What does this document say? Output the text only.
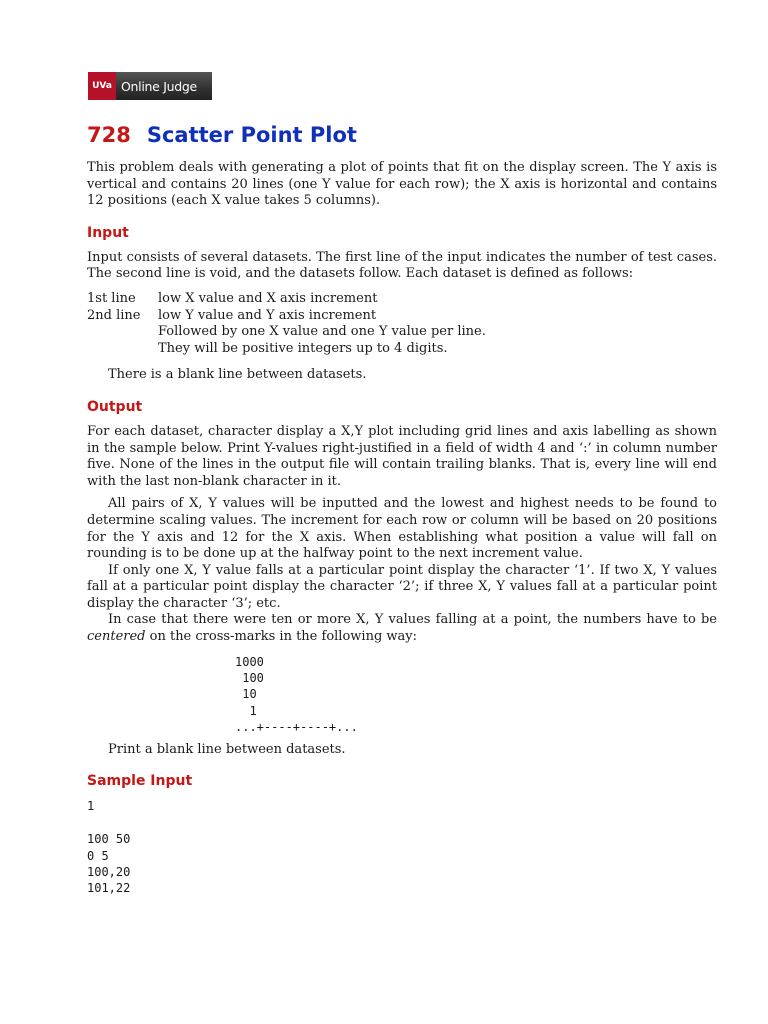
UVa Online Judge
728 Scatter Point Plot

This problem deals with generating a plot of points that fit on the display screen. The Y axis is vertical and contains 20 lines (one Y value for each row); the X axis is horizontal and contains 12 positions (each X value takes 5 columns).

Input

Input consists of several datasets. The first line of the input indicates the number of test cases. The second line is void, and the datasets follow. Each dataset is defined as follows:

1st line	low X value and X axis increment
2nd line	low Y value and Y axis increment
Followed by one X value and one Y value per line.
They will be positive integers up to 4 digits.

There is a blank line between datasets.

Output

For each dataset, character display a X,Y plot including grid lines and axis labelling as shown in the sample below. Print Y-values right-justified in a field of width 4 and ‘:’ in column number five. None of the lines in the output file will contain trailing blanks. That is, every line will end with the last non-blank character in it.

All pairs of X, Y values will be inputted and the lowest and highest needs to be found to determine scaling values. The increment for each row or column will be based on 20 positions for the Y axis and 12 for the X axis. When establishing what position a value will fall on rounding is to be done up at the halfway point to the next increment value.

If only one X, Y value falls at a particular point display the character ‘1’. If two X, Y values fall at a particular point display the character ‘2’; if three X, Y values fall at a particular point display the character ‘3’; etc.

In case that there were ten or more X, Y values falling at a point, the numbers have to be centered on the cross-marks in the following way:

1000
100
10
1
...+----+----+...

Print a blank line between datasets.

Sample Input
1

100 50
0 5
100,20
101,22
